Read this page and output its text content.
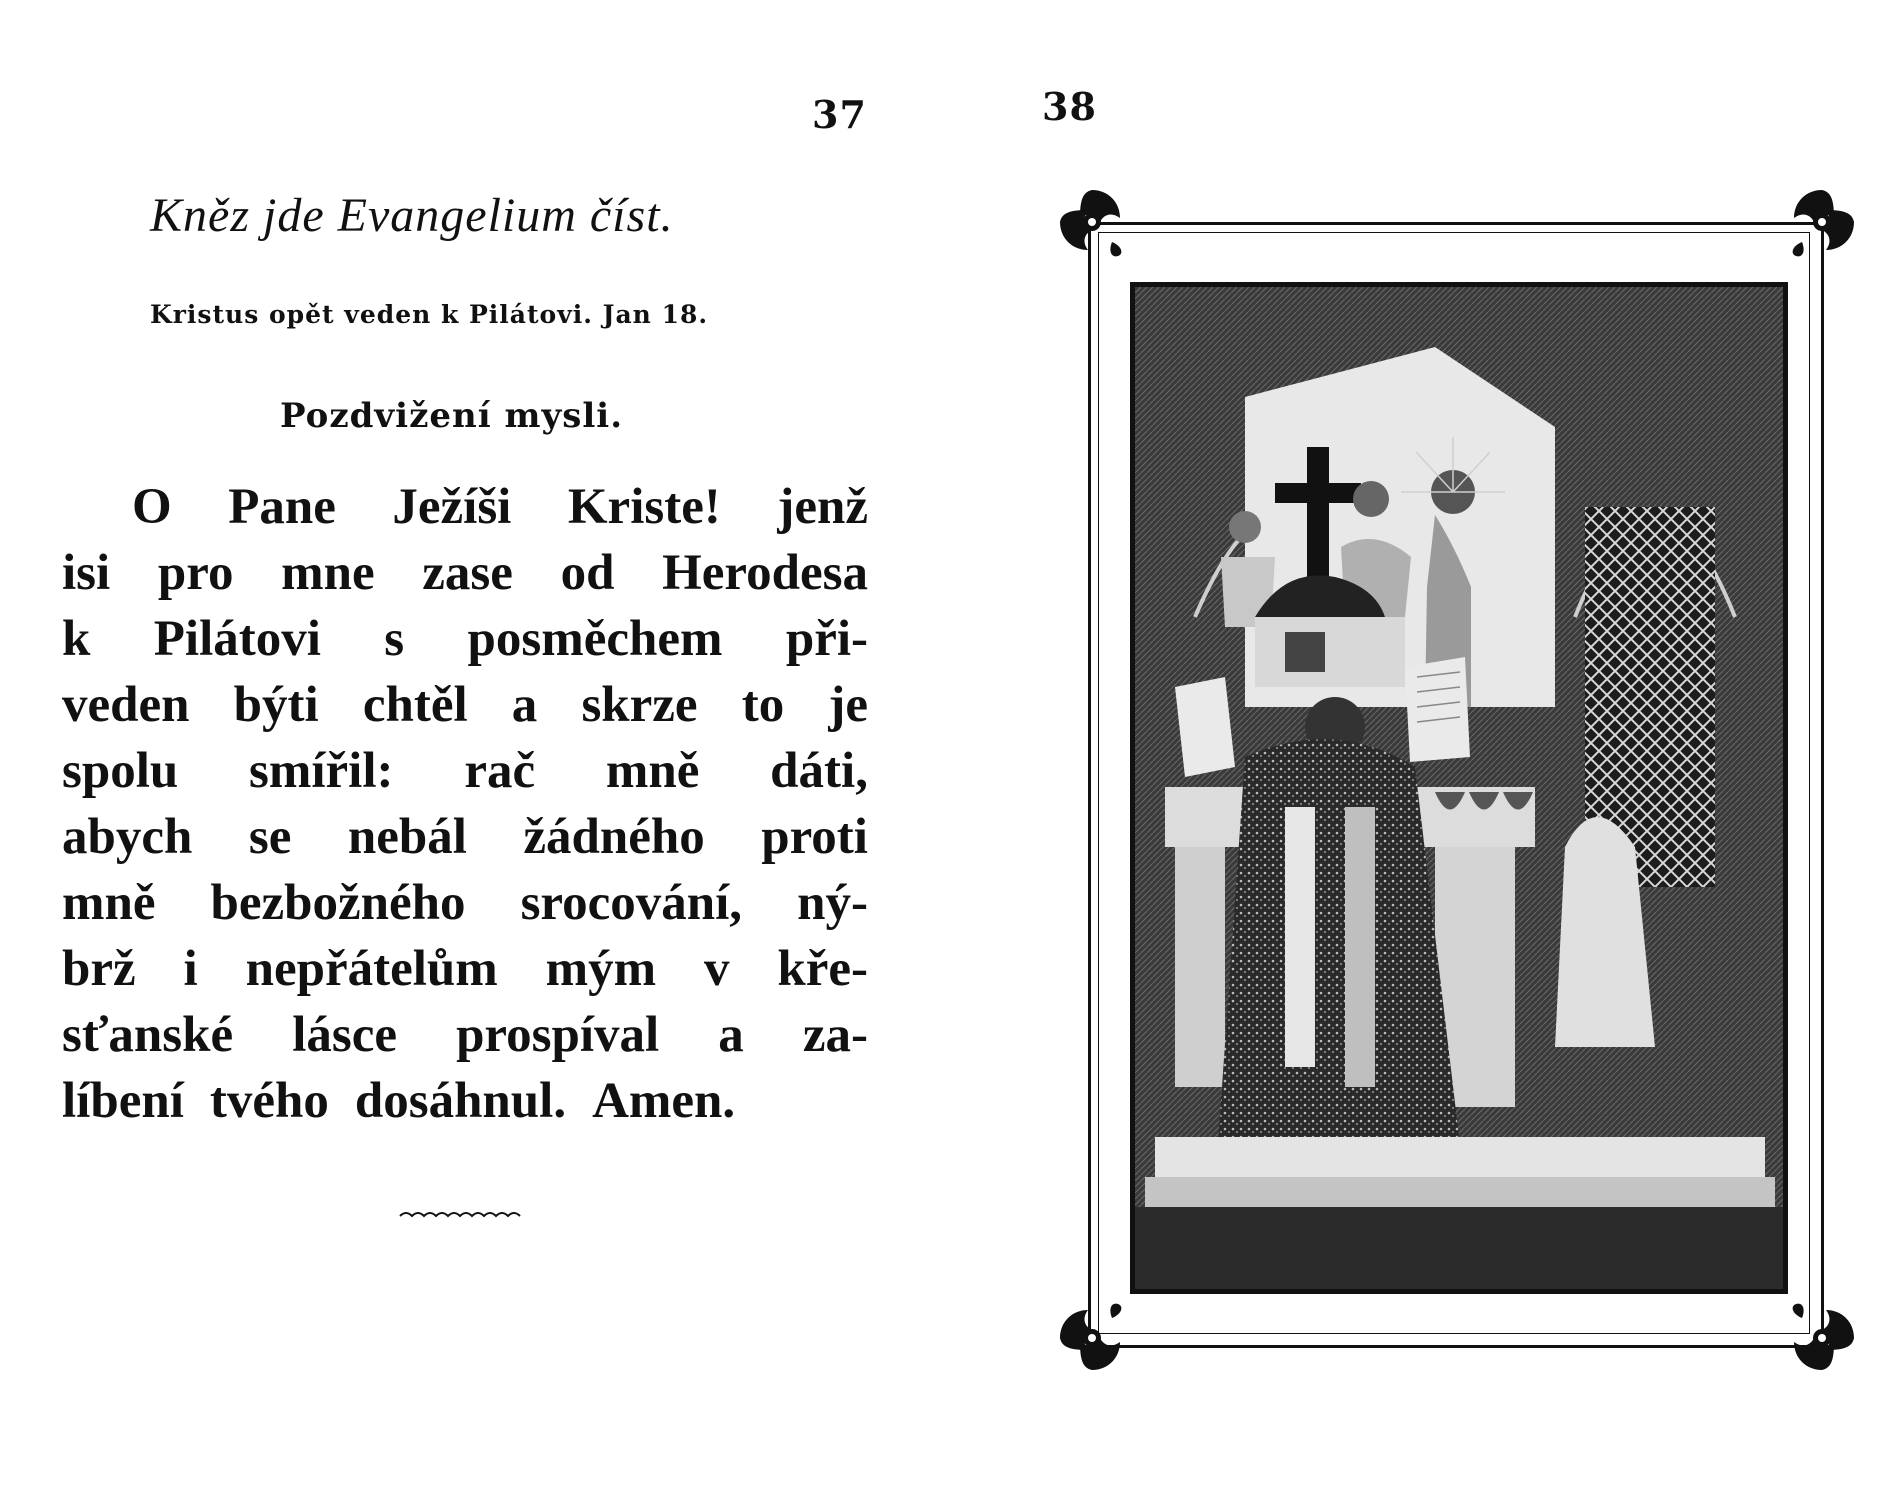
37
Kněz jde Evangelium číst.
Kristus opět veden k Pilátovi. Jan 18.
Pozdvižení mysli.
O Pane Ježíši Kriste! jenž
isi pro mne zase od Herodesa
k Pilátovi s posměchem při-
veden býti chtěl a skrze to je
spolu smířil: rač mně dáti,
abych se nebál žádného proti
mně bezbožného srocování, ný-
brž i nepřátelům mým v kře-
sťanské lásce prospíval a za-
líbení tvého dosáhnul. Amen.
38
